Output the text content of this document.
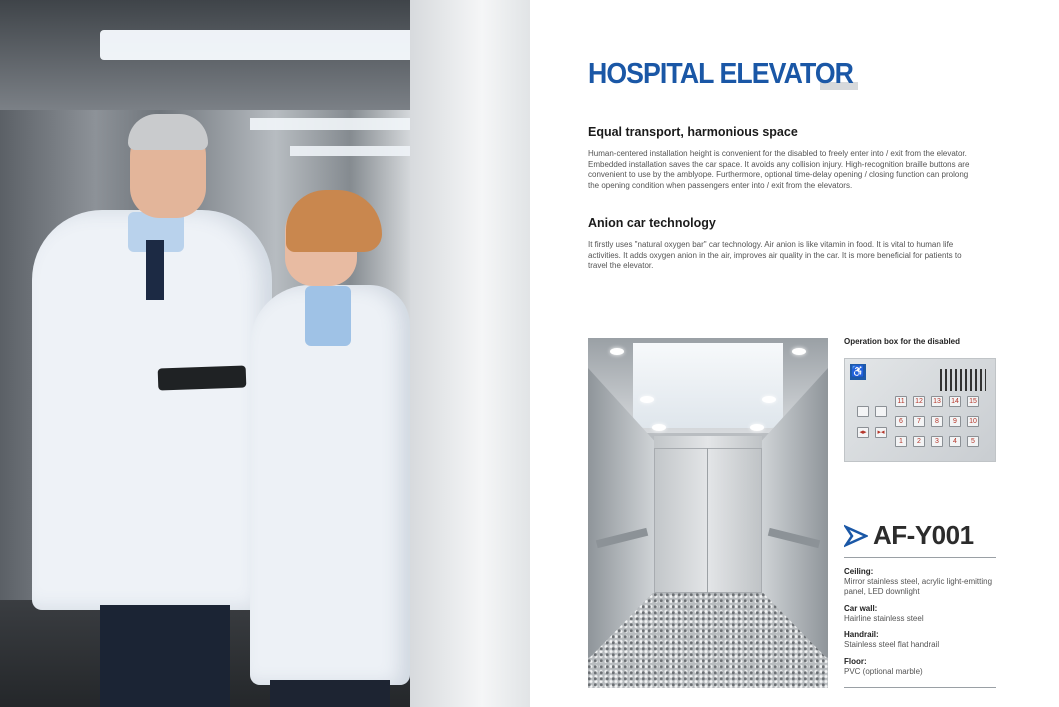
HOSPITAL ELEVATOR
Equal transport, harmonious space
Human-centered installation height is convenient for the disabled to freely enter into / exit from the elevator. Embedded installation saves the car space. It avoids any collision injury. High-recognition braille buttons are convenient to use by the amblyope. Furthermore, optional time-delay opening / closing function can prolong the opening condition when passengers enter into / exit from the elevators.
Anion car technology
It firstly uses "natural oxygen bar" car technology. Air anion is like vitamin in food. It is vital to human life activities. It adds oxygen anion in the air, improves air quality in the car. It is more beneficial for patients to travel the elevator.
Operation box for the disabled
♿
11	12	13	14	15
6	7	8	9	10
◂▸	▸◂
1	2	3	4	5
AF-Y001
Ceiling:
Mirror stainless steel, acrylic light-emitting panel, LED downlight
Car wall:
Hairline stainless steel
Handrail:
Stainless steel flat handrail
Floor:
PVC (optional marble)
